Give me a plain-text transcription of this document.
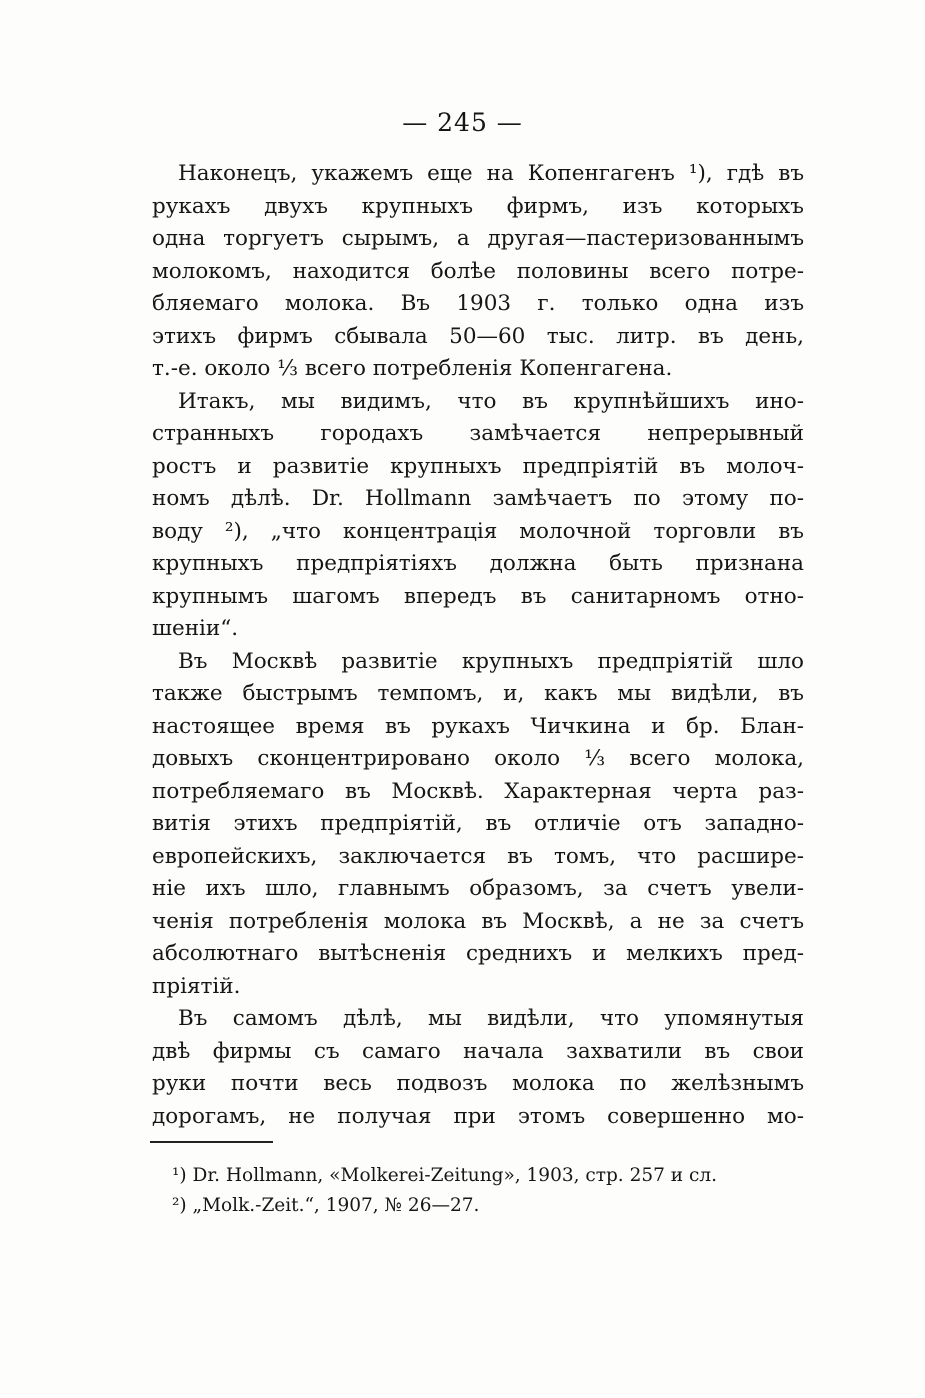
— 245 —
Наконецъ, укажемъ еще на Копенгагенъ ¹), гдѣ въ
рукахъ двухъ крупныхъ фирмъ, изъ которыхъ
одна торгуетъ сырымъ, а другая—пастеризованнымъ
молокомъ, находится болѣе половины всего потре-
бляемаго молока. Въ 1903 г. только одна изъ
этихъ фирмъ сбывала 50—60 тыс. литр. въ день,
т.-е. около ⅓ всего потребленія Копенгагена.
Итакъ, мы видимъ, что въ крупнѣйшихъ ино-
странныхъ городахъ замѣчается непрерывный
ростъ и развитіе крупныхъ предпріятій въ молоч-
номъ дѣлѣ. Dr. Hollmann замѣчаетъ по этому по-
воду ²), „что концентрація молочной торговли въ
крупныхъ предпріятіяхъ должна быть признана
крупнымъ шагомъ впередъ въ санитарномъ отно-
шеніи“.
Въ Москвѣ развитіе крупныхъ предпріятій шло
также быстрымъ темпомъ, и, какъ мы видѣли, въ
настоящее время въ рукахъ Чичкина и бр. Блан-
довыхъ сконцентрировано около ⅓ всего молока,
потребляемаго въ Москвѣ. Характерная черта раз-
витія этихъ предпріятій, въ отличіе отъ западно-
европейскихъ, заключается въ томъ, что расшире-
ніе ихъ шло, главнымъ образомъ, за счетъ увели-
ченія потребленія молока въ Москвѣ, а не за счетъ
абсолютнаго вытѣсненія среднихъ и мелкихъ пред-
пріятій.
Въ самомъ дѣлѣ, мы видѣли, что упомянутыя
двѣ фирмы съ самаго начала захватили въ свои
руки почти весь подвозъ молока по желѣзнымъ
дорогамъ, не получая при этомъ совершенно мо-
¹) Dr. Hollmann, «Molkerei-Zeitung», 1903, стр. 257 и сл.
²) „Molk.-Zeit.“, 1907, № 26—27.
